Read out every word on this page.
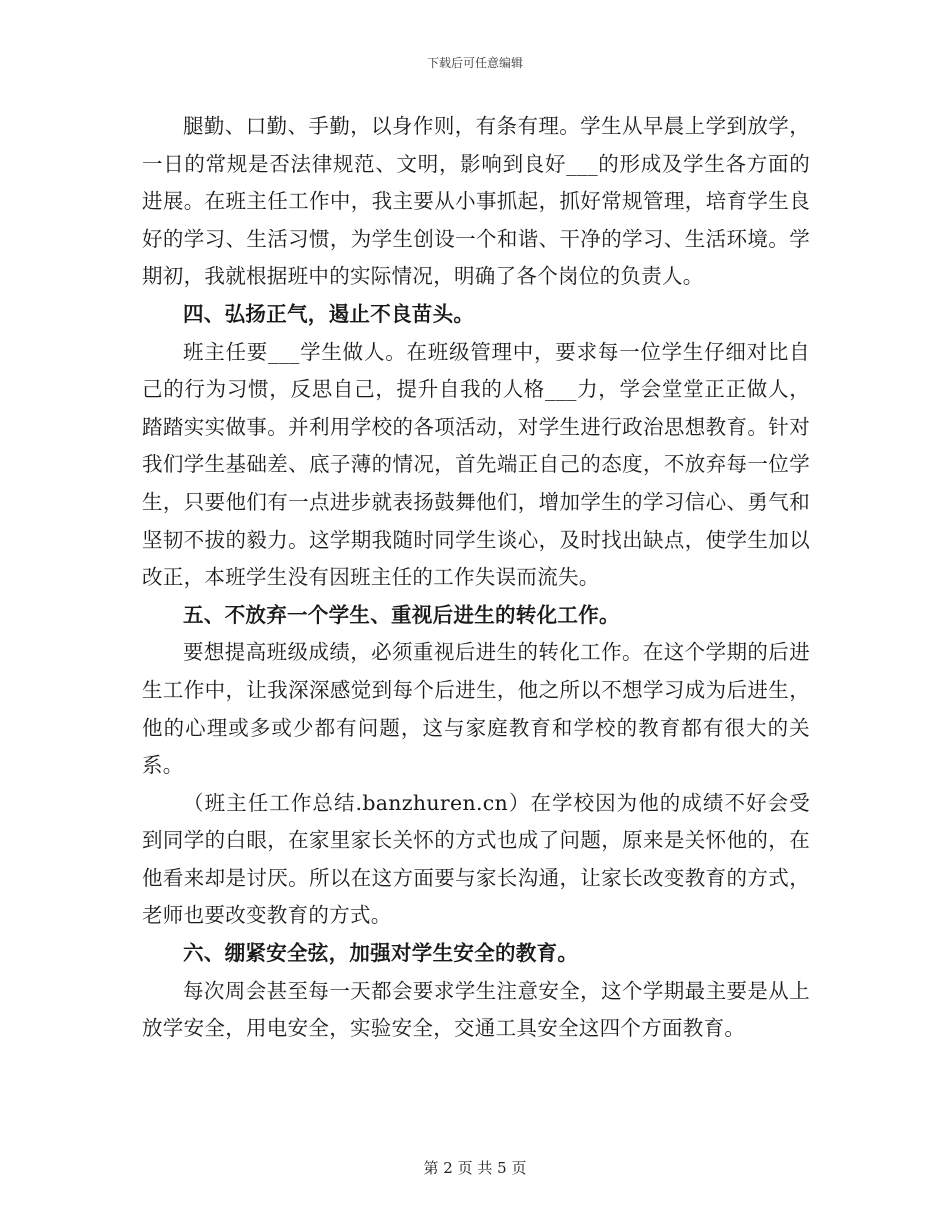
下载后可任意编辑

腿勤、口勤、手勤，以身作则，有条有理。学生从早晨上学到放学，一日的常规是否法律规范、文明，影响到良好___的形成及学生各方面的进展。在班主任工作中，我主要从小事抓起，抓好常规管理，培育学生良好的学习、生活习惯，为学生创设一个和谐、干净的学习、生活环境。学期初，我就根据班中的实际情况，明确了各个岗位的负责人。

四、弘扬正气，遏止不良苗头。

班主任要___学生做人。在班级管理中，要求每一位学生仔细对比自己的行为习惯，反思自己，提升自我的人格___力，学会堂堂正正做人，踏踏实实做事。并利用学校的各项活动，对学生进行政治思想教育。针对我们学生基础差、底子薄的情况，首先端正自己的态度，不放弃每一位学生，只要他们有一点进步就表扬鼓舞他们，增加学生的学习信心、勇气和坚韧不拔的毅力。这学期我随时同学生谈心，及时找出缺点，使学生加以改正，本班学生没有因班主任的工作失误而流失。

五、不放弃一个学生、重视后进生的转化工作。

要想提高班级成绩，必须重视后进生的转化工作。在这个学期的后进生工作中，让我深深感觉到每个后进生，他之所以不想学习成为后进生，他的心理或多或少都有问题，这与家庭教育和学校的教育都有很大的关系。

（班主任工作总结.banzhuren.cn）在学校因为他的成绩不好会受到同学的白眼，在家里家长关怀的方式也成了问题，原来是关怀他的，在他看来却是讨厌。所以在这方面要与家长沟通，让家长改变教育的方式，老师也要改变教育的方式。

六、绷紧安全弦，加强对学生安全的教育。

每次周会甚至每一天都会要求学生注意安全，这个学期最主要是从上放学安全，用电安全，实验安全，交通工具安全这四个方面教育。

第 2 页 共 5 页
